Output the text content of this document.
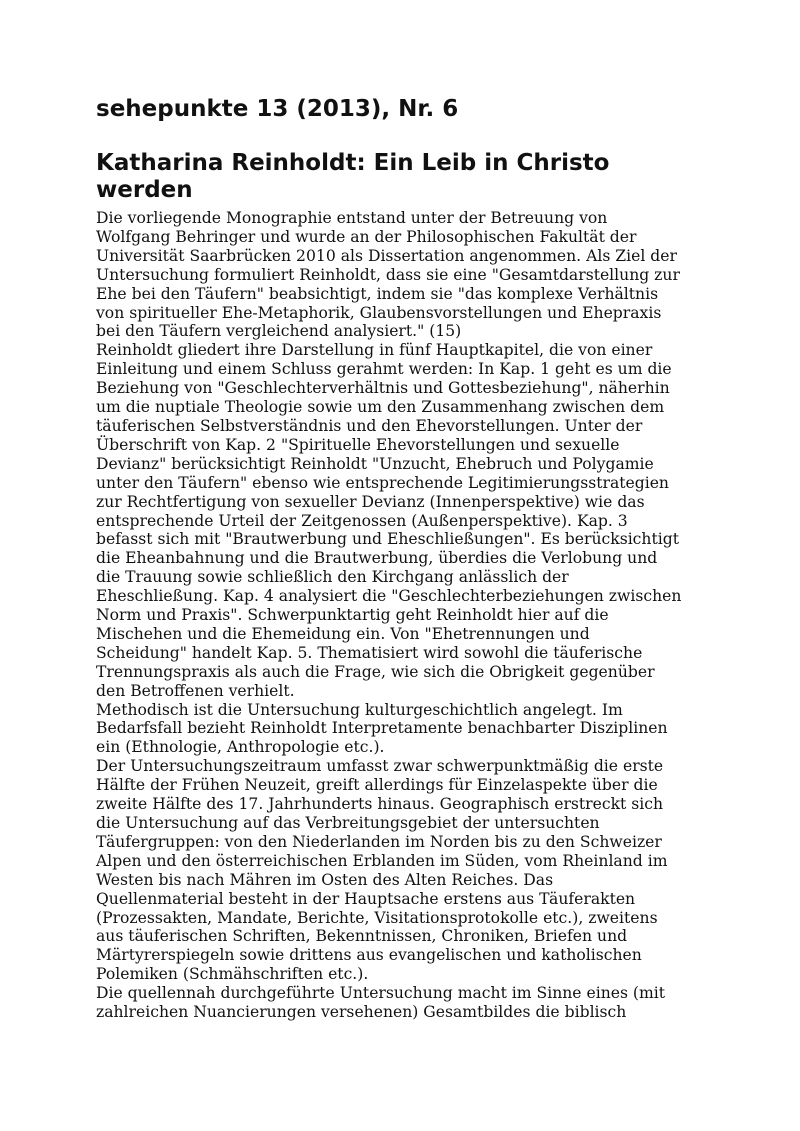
sehepunkte 13 (2013), Nr. 6
Katharina Reinholdt: Ein Leib in Christo
werden

Die vorliegende Monographie entstand unter der Betreuung von
Wolfgang Behringer und wurde an der Philosophischen Fakultät der
Universität Saarbrücken 2010 als Dissertation angenommen. Als Ziel der
Untersuchung formuliert Reinholdt, dass sie eine "Gesamtdarstellung zur
Ehe bei den Täufern" beabsichtigt, indem sie "das komplexe Verhältnis
von spiritueller Ehe-Metaphorik, Glaubensvorstellungen und Ehepraxis
bei den Täufern vergleichend analysiert." (15)

Reinholdt gliedert ihre Darstellung in fünf Hauptkapitel, die von einer
Einleitung und einem Schluss gerahmt werden: In Kap. 1 geht es um die
Beziehung von "Geschlechterverhältnis und Gottesbeziehung", näherhin
um die nuptiale Theologie sowie um den Zusammenhang zwischen dem
täuferischen Selbstverständnis und den Ehevorstellungen. Unter der
Überschrift von Kap. 2 "Spirituelle Ehevorstellungen und sexuelle
Devianz" berücksichtigt Reinholdt "Unzucht, Ehebruch und Polygamie
unter den Täufern" ebenso wie entsprechende Legitimierungsstrategien
zur Rechtfertigung von sexueller Devianz (Innenperspektive) wie das
entsprechende Urteil der Zeitgenossen (Außenperspektive). Kap. 3
befasst sich mit "Brautwerbung und Eheschließungen". Es berücksichtigt
die Eheanbahnung und die Brautwerbung, überdies die Verlobung und
die Trauung sowie schließlich den Kirchgang anlässlich der
Eheschließung. Kap. 4 analysiert die "Geschlechterbeziehungen zwischen
Norm und Praxis". Schwerpunktartig geht Reinholdt hier auf die
Mischehen und die Ehemeidung ein. Von "Ehetrennungen und
Scheidung" handelt Kap. 5. Thematisiert wird sowohl die täuferische
Trennungspraxis als auch die Frage, wie sich die Obrigkeit gegenüber
den Betroffenen verhielt.

Methodisch ist die Untersuchung kulturgeschichtlich angelegt. Im
Bedarfsfall bezieht Reinholdt Interpretamente benachbarter Disziplinen
ein (Ethnologie, Anthropologie etc.).

Der Untersuchungszeitraum umfasst zwar schwerpunktmäßig die erste
Hälfte der Frühen Neuzeit, greift allerdings für Einzelaspekte über die
zweite Hälfte des 17. Jahrhunderts hinaus. Geographisch erstreckt sich
die Untersuchung auf das Verbreitungsgebiet der untersuchten
Täufergruppen: von den Niederlanden im Norden bis zu den Schweizer
Alpen und den österreichischen Erblanden im Süden, vom Rheinland im
Westen bis nach Mähren im Osten des Alten Reiches. Das
Quellenmaterial besteht in der Hauptsache erstens aus Täuferakten
(Prozessakten, Mandate, Berichte, Visitationsprotokolle etc.), zweitens
aus täuferischen Schriften, Bekenntnissen, Chroniken, Briefen und
Märtyrerspiegeln sowie drittens aus evangelischen und katholischen
Polemiken (Schmähschriften etc.).

Die quellennah durchgeführte Untersuchung macht im Sinne eines (mit
zahlreichen Nuancierungen versehenen) Gesamtbildes die biblisch
